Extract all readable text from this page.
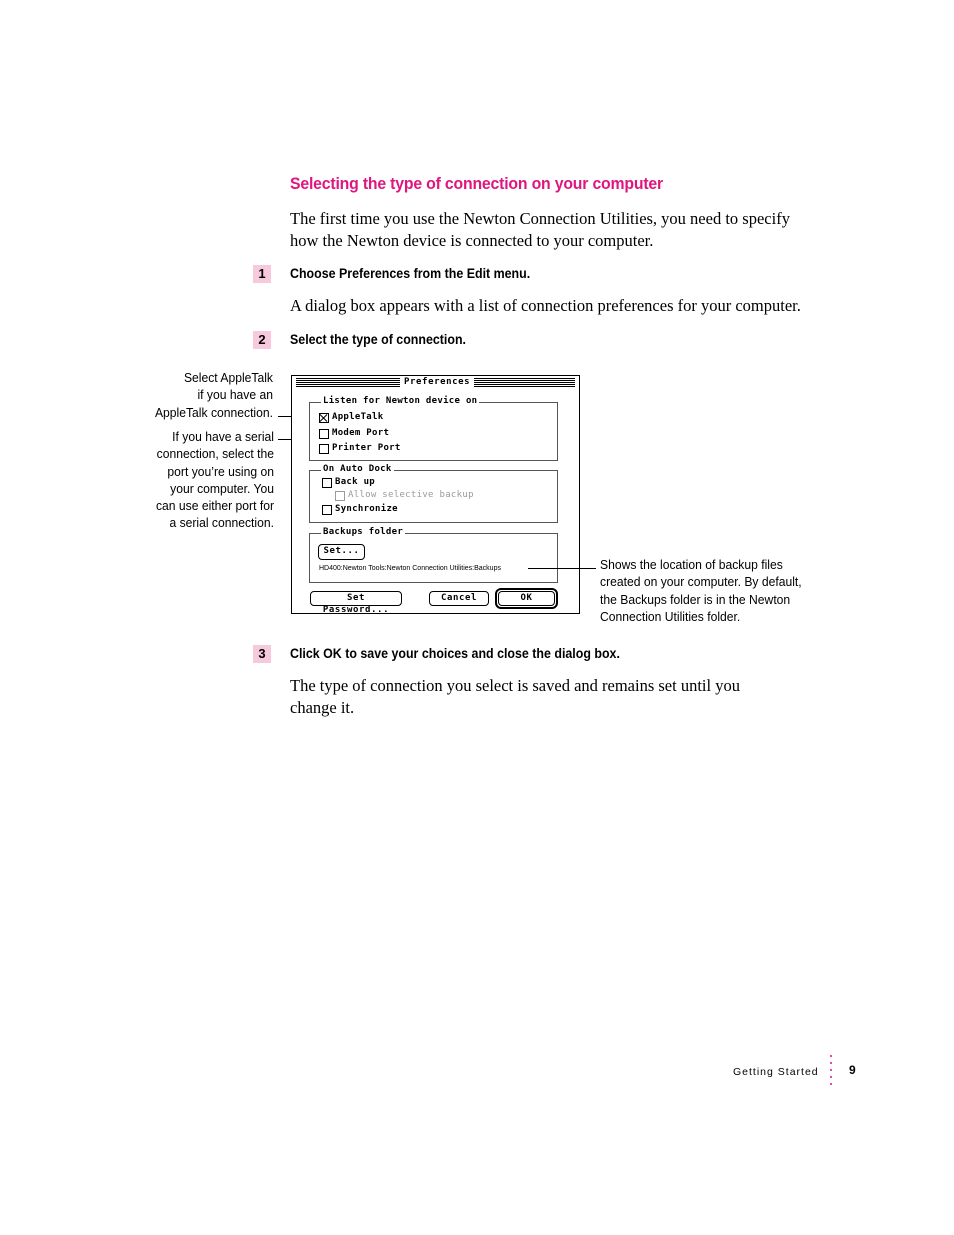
Selecting the type of connection on your computer
The first time you use the Newton Connection Utilities, you need to specify
how the Newton device is connected to your computer.
1	Choose Preferences from the Edit menu.
A dialog box appears with a list of connection preferences for your computer.
2	Select the type of connection.
Select AppleTalk
if you have an
AppleTalk connection.
If you have a serial
connection, select the
port you’re using on
your computer. You
can use either port for
a serial connection.
Preferences
Listen for Newton device on
AppleTalk
Modem Port
Printer Port
On Auto Dock
Back up
Allow selective backup
Synchronize
Backups folder
Set...
HD400:Newton Tools:Newton Connection Utilities:Backups
Set Password...
Cancel	OK
Shows the location of backup files
created on your computer. By default,
the Backups folder is in the Newton
Connection Utilities folder.
3	Click OK to save your choices and close the dialog box.
The type of connection you select is saved and remains set until you
change it.
Getting Started	9
